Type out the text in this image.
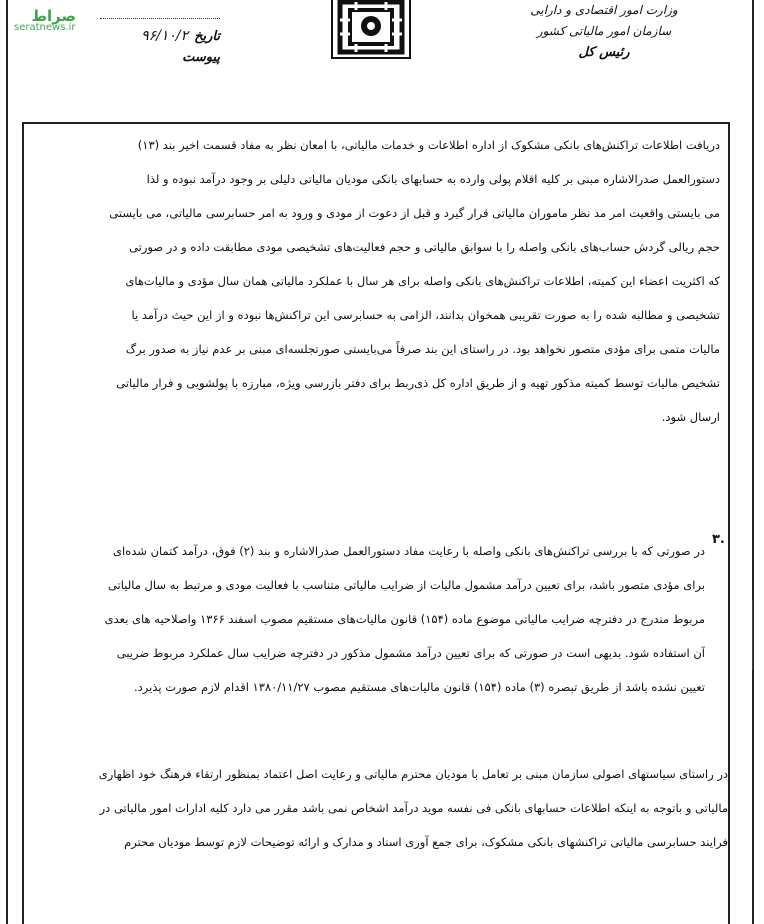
صراط
seratnews.ir
تاریخ
۹۶/۱۰/۲
پیوست
وزارت امور اقتصادی و دارایی
سازمان امور مالیاتی کشور
رئیس کل
دریافت اطلاعات تراکنش‌های بانکی مشکوک از اداره اطلاعات و خدمات مالیاتی، با امعان نظر به مفاد قسمت اخیر بند (۱۳)
دستورالعمل صدرالاشاره مبنی بر کلیه اقلام پولی وارده به حسابهای بانکی مودیان مالیاتی دلیلی بر وجود درآمد نبوده و لذا
می بایستی واقعیت امر مد نظر ماموران مالیاتی قرار گیرد و قبل از دعوت از مودی و ورود به امر حسابرسی مالیاتی، می بایستی
حجم ریالی گردش حساب‌های بانکی واصله را با سوابق مالیاتی و حجم فعالیت‌های تشخیصی مودی مطابقت داده و در صورتی
که اکثریت اعضاء این کمیته، اطلاعات تراکنش‌های بانکی واصله برای هر سال با عملکرد مالیاتی همان سال مؤدی و مالیات‌های
تشخیصی و مطالبه شده را به صورت تقریبی همخوان بدانند، الزامی به حسابرسی این تراکنش‌ها نبوده و از این حیث درآمد یا
مالیات متمی برای مؤدی متصور نخواهد بود. در راستای این بند صرفاً می‌بایستی صورتجلسه‌ای مبنی بر عدم نیاز به صدور برگ
تشخیص مالیات توسط کمیته مذکور تهیه و از طریق اداره کل ذی‌ربط برای دفتر بازرسی ویژه، مبارزه با پولشویی و فرار مالیاتی
ارسال شود.
۳.
در صورتی که با بررسی تراکنش‌های بانکی واصله با رعایت مفاد دستورالعمل صدرالاشاره و بند (۲) فوق، درآمد کتمان شده‌ای
برای مؤدی متصور باشد، برای تعیین درآمد مشمول مالیات از ضرایب مالیاتی متناسب با فعالیت مودی و مرتبط به سال مالیاتی
مربوط مندرج در دفترچه ضرایب مالیاتی موضوع ماده (۱۵۴) قانون مالیات‌های مستقیم مصوب اسفند ۱۳۶۶ واصلاحیه های بعدی
آن استفاده شود. بدیهی است در صورتی که برای تعیین درآمد مشمول مذکور در دفترچه ضرایب سال عملکرد مربوط ضریبی
تعیین نشده باشد از طریق تبصره (۳) ماده (۱۵۴) قانون مالیات‌های مستقیم مصوب ۱۳۸۰/۱۱/۲۷ اقدام لازم صورت پذیرد.
در راستای سیاستهای اصولی سازمان مبنی بر تعامل با مودیان محترم مالیاتی و رعایت اصل اعتماد بمنظور ارتقاء فرهنگ خود اظهاری
مالیاتی و باتوجه به اینکه اطلاعات حسابهای بانکی فی نفسه موید درآمد اشخاص نمی باشد مقرر می دارد کلیه ادارات امور مالیاتی در
فرایند حسابرسی مالیاتی تراکنشهای بانکی مشکوک، برای جمع آوری اسناد و مدارک و ارائه توضیحات لازم توسط مودیان محترم
